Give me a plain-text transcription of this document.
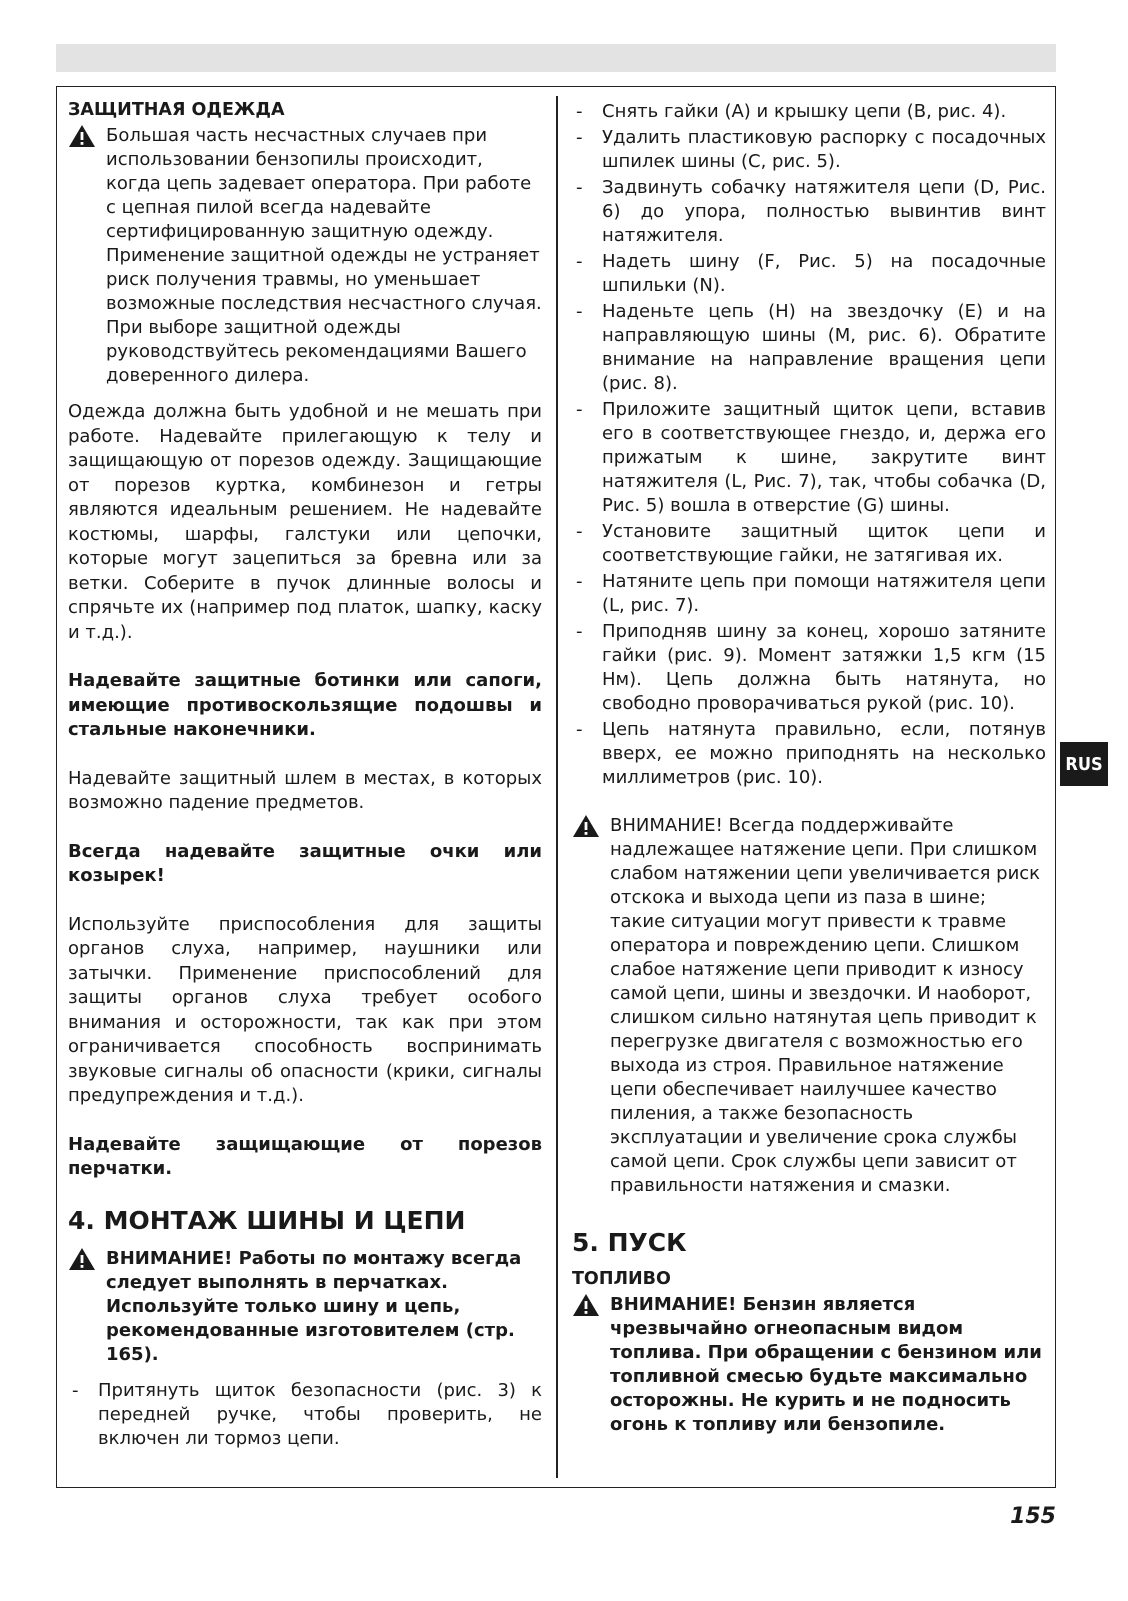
ЗАЩИТНАЯ ОДЕЖДА
Большая часть несчастных случаев при использовании бензопилы происходит, когда цепь задевает оператора. При работе с цепная пилой всегда надевайте сертифицированную защитную одежду. Применение защитной одежды не устраняет риск получения травмы, но уменьшает возможные последствия несчастного случая. При выборе защитной одежды руководствуйтесь рекомендациями Вашего доверенного дилера.

Одежда должна быть удобной и не мешать при работе. Надевайте прилегающую к телу и защищающую от порезов одежду. Защищающие от порезов куртка, комбинезон и гетры являются идеальным решением. Не надевайте костюмы, шарфы, галстуки или цепочки, которые могут зацепиться за бревна или за ветки. Соберите в пучок длинные волосы и спрячьте их (например под платок, шапку, каску и т.д.).

Надевайте защитные ботинки или сапоги, имеющие противоскользящие подошвы и стальные наконечники.

Надевайте защитный шлем в местах, в которых возможно падение предметов.

Всегда надевайте защитные очки или козырек!

Используйте приспособления для защиты органов слуха, например, наушники или затычки. Применение приспособлений для защиты органов слуха требует особого внимания и осторожности, так как при этом ограничивается способность воспринимать звуковые сигналы об опасности (крики, сигналы предупреждения и т.д.).

Надевайте защищающие от порезов перчатки.

4. МОНТАЖ ШИНЫ И ЦЕПИ
ВНИМАНИЕ! Работы по монтажу всегда следует выполнять в перчатках. Используйте только шину и цепь, рекомендованные изготовителем (стр. 165).
- Притянуть щиток безопасности (рис. 3) к передней ручке, чтобы проверить, не включен ли тормоз цепи.
- Снять гайки (A) и крышку цепи (B, рис. 4).
- Удалить пластиковую распорку с посадочных шпилек шины (C, рис. 5).
- Задвинуть собачку натяжителя цепи (D, Рис. 6) до упора, полностью вывинтив винт натяжителя.
- Надеть шину (F, Рис. 5) на посадочные шпильки (N).
- Наденьте цепь (H) на звездочку (E) и на направляющую шины (M, рис. 6). Обратите внимание на направление вращения цепи (рис. 8).
- Приложите защитный щиток цепи, вставив его в соответствующее гнездо, и, держа его прижатым к шине, закрутите винт натяжителя (L, Рис. 7), так, чтобы собачка (D, Рис. 5) вошла в отверстие (G) шины.
- Установите защитный щиток цепи и соответствующие гайки, не затягивая их.
- Натяните цепь при помощи натяжителя цепи (L, рис. 7).
- Приподняв шину за конец, хорошо затяните гайки (рис. 9). Момент затяжки 1,5 кгм (15 Нм). Цепь должна быть натянута, но свободно проворачиваться рукой (рис. 10).
- Цепь натянута правильно, если, потянув вверх, ее можно приподнять на несколько миллиметров (рис. 10).
ВНИМАНИЕ! Всегда поддерживайте надлежащее натяжение цепи. При слишком слабом натяжении цепи увеличивается риск отскока и выхода цепи из паза в шине; такие ситуации могут привести к травме оператора и повреждению цепи. Слишком слабое натяжение цепи приводит к износу самой цепи, шины и звездочки. И наоборот, слишком сильно натянутая цепь приводит к перегрузке двигателя с возможностью его выхода из строя. Правильное натяжение цепи обеспечивает наилучшее качество пиления, а также безопасность эксплуатации и увеличение срока службы самой цепи. Срок службы цепи зависит от правильности натяжения и смазки.
5. ПУСК
ТОПЛИВО
ВНИМАНИЕ! Бензин является чрезвычайно огнеопасным видом топлива. При обращении с бензином или топливной смесью будьте максимально осторожны. Не курить и не подносить огонь к топливу или бензопиле.
RUS
155
